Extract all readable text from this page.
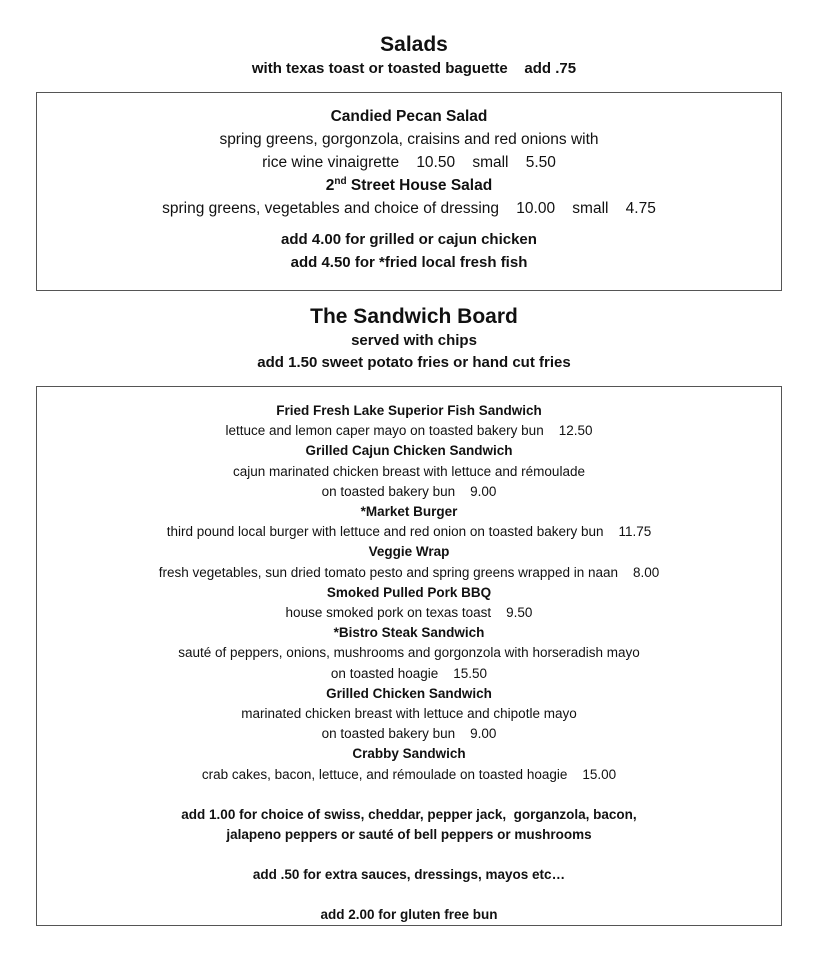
Salads
with texas toast or toasted baguette    add .75
Candied Pecan Salad
spring greens, gorgonzola, craisins and red onions with
rice wine vinaigrette    10.50    small    5.50
2nd Street House Salad
spring greens, vegetables and choice of dressing    10.00    small    4.75
add 4.00 for grilled or cajun chicken
add 4.50 for *fried local fresh fish
The Sandwich Board
served with chips
add 1.50 sweet potato fries or hand cut fries
Fried Fresh Lake Superior Fish Sandwich
lettuce and lemon caper mayo on toasted bakery bun    12.50
Grilled Cajun Chicken Sandwich
cajun marinated chicken breast with lettuce and rémoulade
on toasted bakery bun    9.00
*Market Burger
third pound local burger with lettuce and red onion on toasted bakery bun    11.75
Veggie Wrap
fresh vegetables, sun dried tomato pesto and spring greens wrapped in naan    8.00
Smoked Pulled Pork BBQ
house smoked pork on texas toast    9.50
*Bistro Steak Sandwich
sauté of peppers, onions, mushrooms and gorgonzola with horseradish mayo
on toasted hoagie    15.50
Grilled Chicken Sandwich
marinated chicken breast with lettuce and chipotle mayo
on toasted bakery bun    9.00
Crabby Sandwich
crab cakes, bacon, lettuce, and rémoulade on toasted hoagie    15.00
add 1.00 for choice of swiss, cheddar, pepper jack,  gorganzola, bacon,
jalapeno peppers or sauté of bell peppers or mushrooms
add .50 for extra sauces, dressings, mayos etc…
add 2.00 for gluten free bun
